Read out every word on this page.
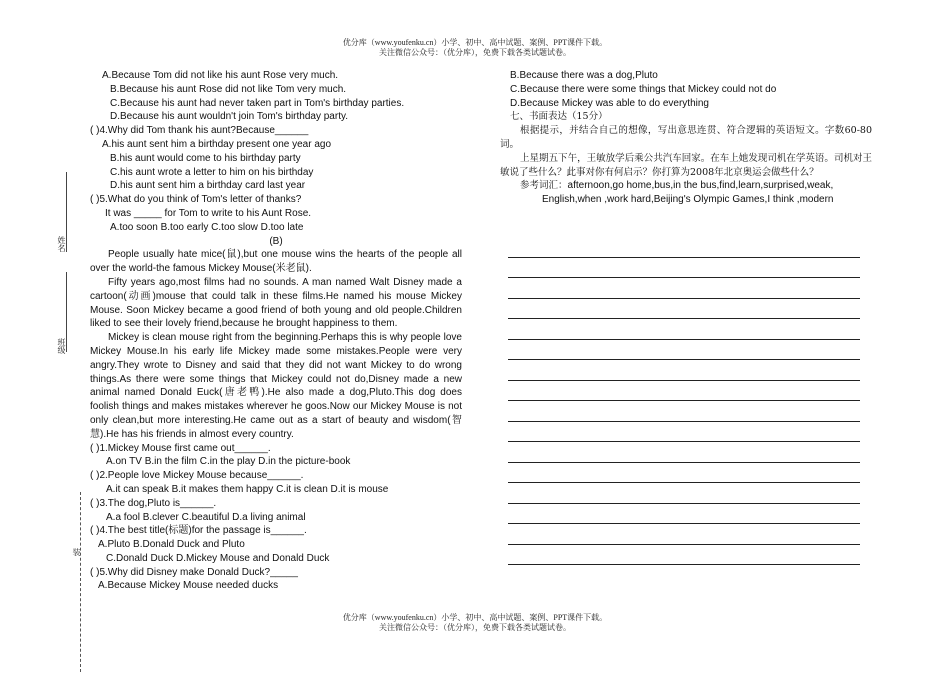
优分库（www.youfenku.cn）小学、初中、高中试题、案例、PPT课件下载。
关注微信公众号：（优分库），免费下载各类试题试卷。
姓名
班级
装
A.Because Tom did not like his aunt Rose very much.
B.Because his aunt Rose did not like Tom very much.
C.Because his aunt had never taken part in Tom's birthday parties.
D.Because his aunt wouldn't join Tom's birthday party.
( )4.Why did Tom thank his aunt?Because______
A.his aunt sent him a birthday present one year ago
B.his aunt would come to his birthday party
C.his aunt wrote a letter to him on his birthday
D.his aunt sent him a birthday card last year
( )5.What do you think of Tom's letter of thanks?
It was _____ for Tom to write to his Aunt Rose.
A.too soon B.too early C.too slow D.too late
(B)
People usually hate mice(鼠),but one mouse wins the hearts of the people all over the world-the famous Mickey Mouse(米老鼠).
Fifty years ago,most films had no sounds. A man named Walt Disney made a cartoon(动画)mouse that could talk in these films.He named his mouse Mickey Mouse. Soon Mickey became a good friend of both young and old people.Children liked to see their lovely friend,because he brought happiness to them.
Mickey is clean mouse right from the beginning.Perhaps this is why people love Mickey Mouse.In his early life Mickey made some mistakes.People were very angry.They wrote to Disney and said that they did not want Mickey to do wrong things.As there were some things that Mickey could not do,Disney made a new animal named Donald Euck(唐老鸭).He also made a dog,Pluto.This dog does foolish things and makes mistakes wherever he goos.Now our Mickey Mouse is not only clean,but more interesting.He came out as a start of beauty and wisdom(智慧).He has his friends in almost every country.
( )1.Mickey Mouse first came out______.
A.on TV B.in the film C.in the play D.in the picture-book
( )2.People love Mickey Mouse because______.
A.it can speak B.it makes them happy C.it is clean D.it is mouse
( )3.The dog,Pluto is______.
A.a fool B.clever C.beautiful D.a living animal
( )4.The best title(标题)for the passage is______.
A.Pluto B.Donald Duck and Pluto
C.Donald Duck D.Mickey Mouse and Donald Duck
( )5.Why did Disney make Donald Duck?_____
A.Because Mickey Mouse needed ducks
B.Because there was a dog,Pluto
C.Because there were some things that Mickey could not do
D.Because Mickey was able to do everything
七、书面表达（15分）
根据提示，并结合自己的想像，写出意思连贯、符合逻辑的英语短文。字数60-80词。
上星期五下午，王敏放学后乘公共汽车回家。在车上她发现司机在学英语。司机对王敏说了些什么？此事对你有何启示？你打算为2008年北京奥运会做些什么？
参考词汇：afternoon,go home,bus,in the bus,find,learn,surprised,weak,
English,when ,work hard,Beijing's Olympic Games,I think ,modern
优分库（www.youfenku.cn）小学、初中、高中试题、案例、PPT课件下载。
关注微信公众号：（优分库），免费下载各类试题试卷。
